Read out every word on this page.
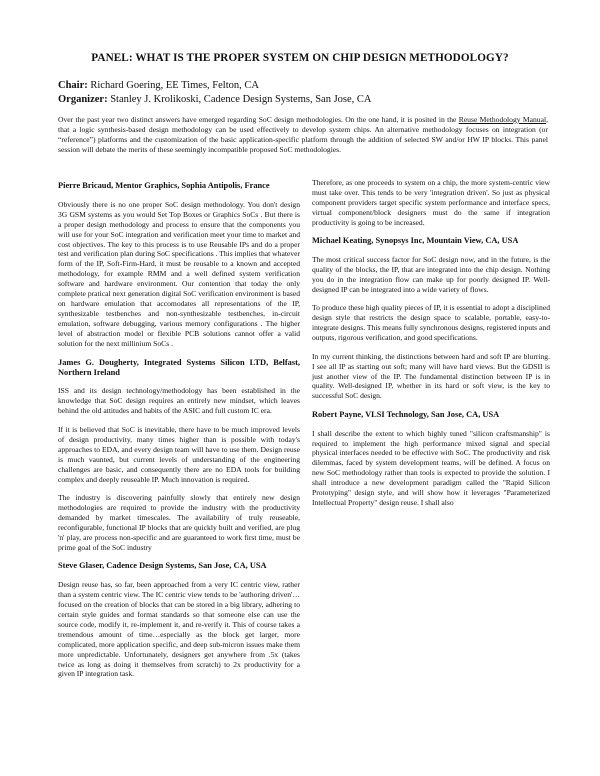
PANEL: WHAT IS THE PROPER SYSTEM ON CHIP DESIGN METHODOLOGY?

Chair: Richard Goering, EE Times, Felton, CA

Organizer: Stanley J. Krolikoski, Cadence Design Systems, San Jose, CA

Over the past year two distinct answers have emerged regarding SoC design methodologies. On the one hand, it is posited in the Reuse Methodology Manual, that a logic synthesis-based design methodology can be used effectively to develop system chips. An alternative methodology focuses on integration (or “reference”) platforms and the customization of the basic application-specific platform through the addition of selected SW and/or HW IP blocks. This panel session will debate the merits of these seemingly incompatible proposed SoC methodologies.

Pierre Bricaud, Mentor Graphics, Sophia Antipolis, France

Obviously there is no one proper SoC design methodology. You don't design 3G GSM systems as you would Set Top Boxes or Graphics SoCs . But there is a proper design methodology and process to ensure that the components you will use for your SoC integration and verification meet your time to market and cost objectives. The key to this process is to use Reusable IPs and do a proper test and verification plan during SoC specifications . This implies that whatever form of the IP, Soft-Firm-Hard, it must be reusable to a known and accepted methodology, for example RMM and a well defined system verification software and hardware environment. Our contention that today the only complete pratical next generation digital SoC verification environment is based on hardware emulation that accomodates all representations of the IP, synthesizable testbenches and non-synthesizable testbenches, in-circuit emulation, software debugging, various memory configurations . The higher level of abstraction model or flexible PCB solutions cannot offer a valid solution for the next millinium SoCs .

James G. Dougherty, Integrated Systems Silicon LTD, Belfast, Northern Ireland

ISS and its design technology/methodology has been established in the knowledge that SoC design requires an entirely new mindset, which leaves behind the old attitudes and habits of the ASIC and full custom IC era.

If it is believed that SoC is inevitable, there have to be much improved levels of design productivity, many times higher than is possible with today's approaches to EDA, and every design team will have to use them. Design reuse is much vaunted, but current levels of understanding of the engineering challenges are basic, and consequently there are no EDA tools for building complex and deeply reuseable IP. Much innovation is required.

The industry is discovering painfully slowly that entirely new design methodologies are required to provide the industry with the productivity demanded by market timescales. The availability of truly reuseable, reconfigurable, functional IP blocks that are quickly built and verified, are plug 'n' play, are process non-specific and are guaranteed to work first time, must be prime goal of the SoC industry

Steve Glaser, Cadence Design Systems, San Jose, CA, USA

Design reuse has, so far, been approached from a very IC centric view, rather than a system centric view. The IC centric view tends to be 'authoring driven'…focused on the creation of blocks that can be stored in a big library, adhering to certain style guides and format standards so that someone else can use the source code, modify it, re-implement it, and re-verify it. This of course takes a tremendous amount of time…especially as the block get larger, more complicated, more application specific, and deep sub-micron issues make them more unpredictable. Unfortunately, designers get anywhere from .5x (takes twice as long as doing it themselves from scratch) to 2x productivity for a given IP integration task.

Therefore, as one proceeds to system on a chip, the more system-centric view must take over. This tends to be very 'integration driven'. So just as physical component providers target specific system performance and interface specs, virtual component/block designers must do the same if integration productivity is going to be increased.

Michael Keating, Synopsys Inc, Mountain View, CA, USA

The most critical success factor for SoC design now, and in the future, is the quality of the blocks, the IP, that are integrated into the chip design. Nothing you do in the integration flow can make up for poorly designed IP. Well-designed IP can be integrated into a wide variety of flows.

To produce these high quality pieces of IP, it is essential to adopt a disciplined design style that restricts the design space to scalable, portable, easy-to-integrate designs. This means fully synchronous designs, registered inputs and outputs, rigorous verification, and good specifications.

In my current thinking, the distinctions between hard and soft IP are blurring. I see all IP as starting out soft; many will have hard views. But the GDSII is just another view of the IP. The fundamental distinction between IP is in quality. Well-designed IP, whether in its hard or soft view, is the key to successful SoC design.

Robert Payne, VLSI Technology, San Jose, CA, USA

I shall describe the extent to which highly tuned "silicon craftsmanship" is required to implement the high performance mixed signal and special physical interfaces needed to be effective with SoC. The productivity and risk dilemmas, faced by system development teams, will be defined. A focus on new SoC methodology rather than tools is expected to provide the solution. I shall introduce a new development paradigm called the "Rapid Silicon Prototyping" design style, and will show how it leverages "Parameterized Intellectual Property" design reuse. I shall also
